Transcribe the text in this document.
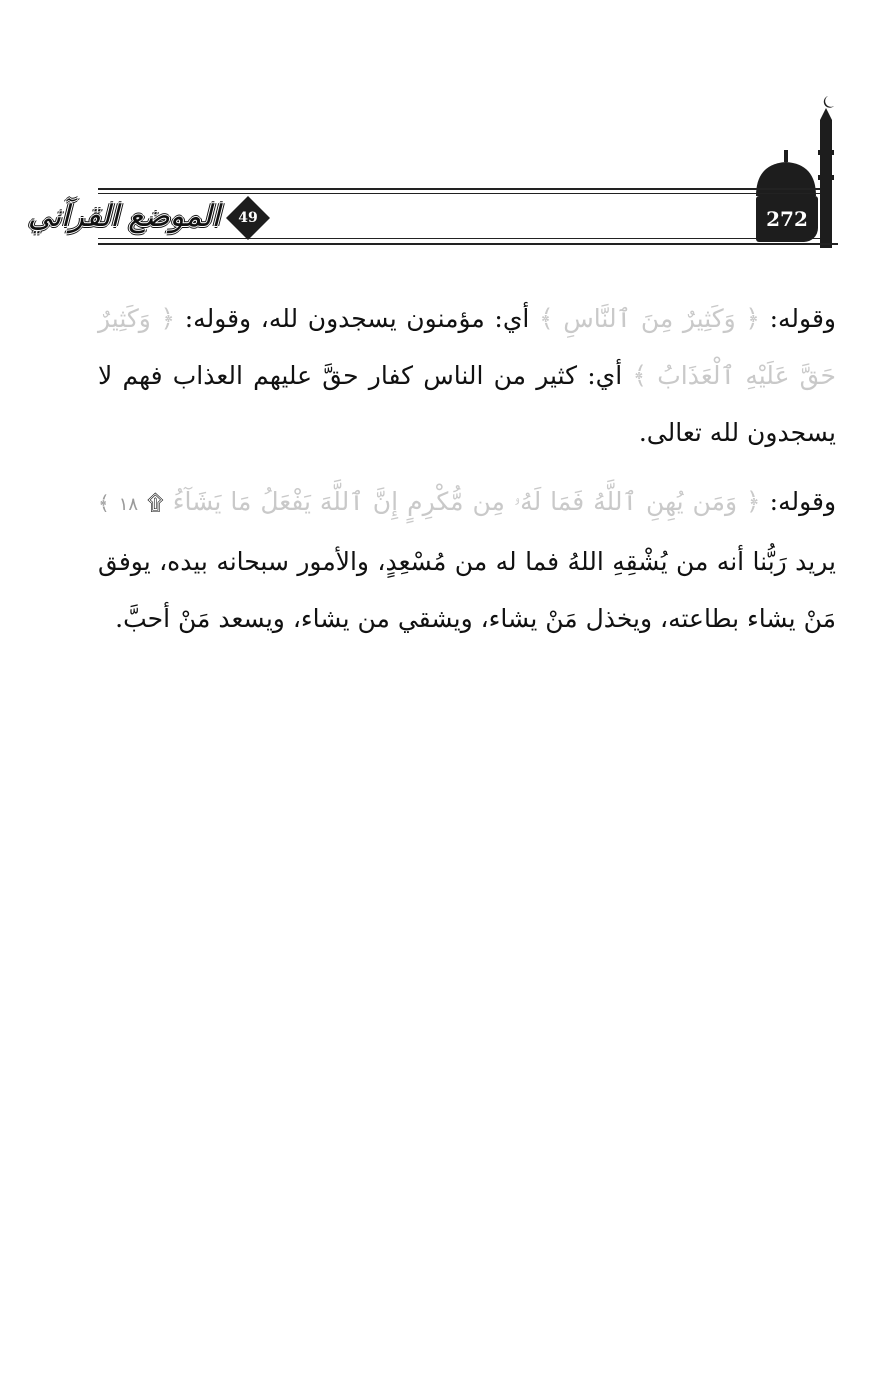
272
49
الموضع القرآني

وقوله: ﴿ وَكَثِيرٌ مِنَ ٱلنَّاسِ ﴾ أي: مؤمنون يسجدون لله، وقوله: ﴿ وَكَثِيرٌ حَقَّ عَلَيْهِ ٱلْعَذَابُ ﴾ أي: كثير من الناس كفار حقَّ عليهم العذاب فهم لا يسجدون لله تعالى.

وقوله: ﴿ وَمَن يُهِنِ ٱللَّهُ فَمَا لَهُۥ مِن مُّكْرِمٍ إِنَّ ٱللَّهَ يَفْعَلُ مَا يَشَآءُ ۩ ١٨ ﴾ يريد رَبُّنا أنه من يُشْقِهِ اللهُ فما له من مُسْعِدٍ، والأمور سبحانه بيده، يوفق مَنْ يشاء بطاعته، ويخذل مَنْ يشاء، ويشقي من يشاء، ويسعد مَنْ أحبَّ.
